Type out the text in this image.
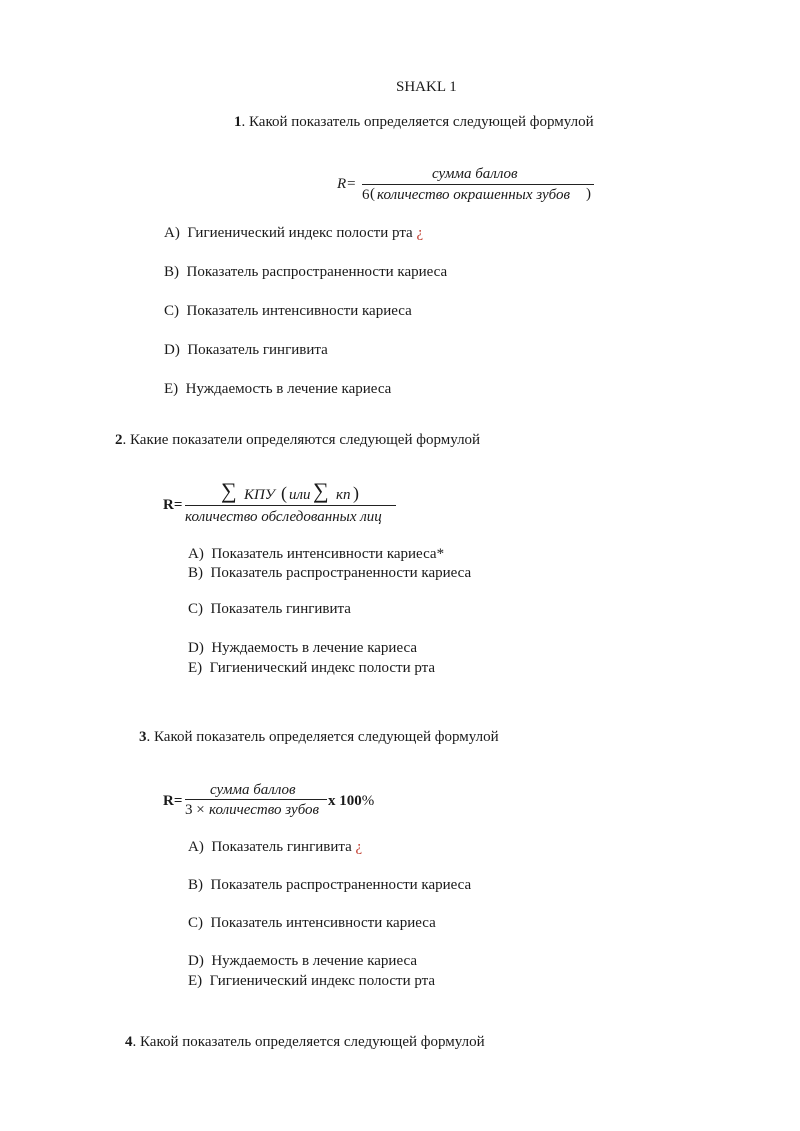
SHAKL 1
1. Какой показатель определяется следующей формулой
R=
сумма баллов
6 ( количество окрашенных зубов )
A) Гигиенический индекс полости рта ¿
B) Показатель распространенности кариеса
C) Показатель интенсивности кариеса
D) Показатель гингивита
E) Нуждаемость в лечение кариеса
2. Какие показатели определяются следующей формулой
R=
∑ КПУ ( или ∑ кп )
количество обследованных лиц
A) Показатель интенсивности кариеса*
B) Показатель распространенности кариеса
C) Показатель гингивита
D) Нуждаемость в лечение кариеса
E) Гигиенический индекс полости рта
3. Какой показатель определяется следующей формулой
R=
сумма баллов
3 × количество зубов
x 100%
A) Показатель гингивита ¿
B) Показатель распространенности кариеса
C)  Показатель интенсивности кариеса
D) Нуждаемость в лечение кариеса
E) Гигиенический индекс полости рта
4. Какой показатель определяется следующей формулой
